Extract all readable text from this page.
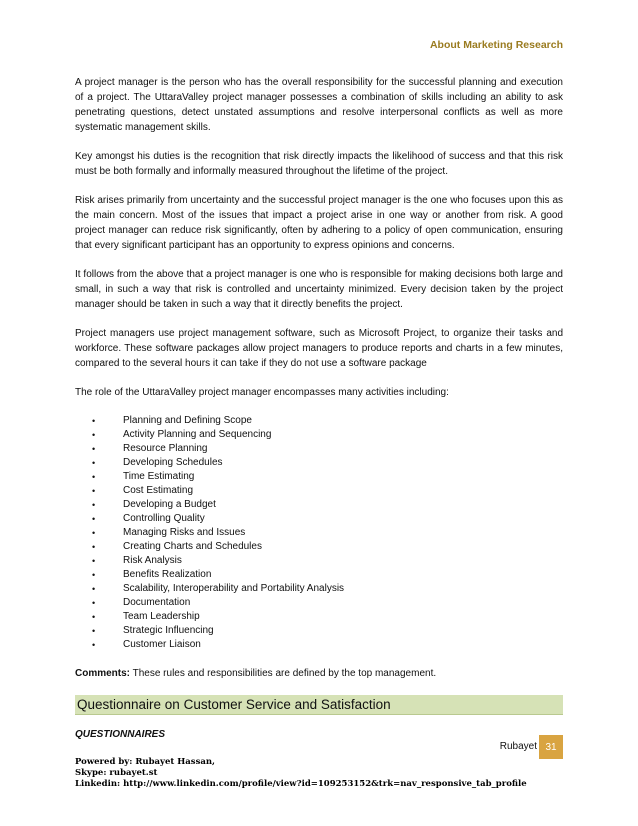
About Marketing Research

A project manager is the person who has the overall responsibility for the successful planning and execution of a project. The UttaraValley project manager possesses a combination of skills including an ability to ask penetrating questions, detect unstated assumptions and resolve interpersonal conflicts as well as more systematic management skills.

Key amongst his duties is the recognition that risk directly impacts the likelihood of success and that this risk must be both formally and informally measured throughout the lifetime of the project.

Risk arises primarily from uncertainty and the successful project manager is the one who focuses upon this as the main concern. Most of the issues that impact a project arise in one way or another from risk. A good project manager can reduce risk significantly, often by adhering to a policy of open communication, ensuring that every significant participant has an opportunity to express opinions and concerns.

It follows from the above that a project manager is one who is responsible for making decisions both large and small, in such a way that risk is controlled and uncertainty minimized. Every decision taken by the project manager should be taken in such a way that it directly benefits the project.

Project managers use project management software, such as Microsoft Project, to organize their tasks and workforce. These software packages allow project managers to produce reports and charts in a few minutes, compared to the several hours it can take if they do not use a software package

The role of the UttaraValley project manager encompasses many activities including:

•	Planning and Defining Scope
•	Activity Planning and Sequencing
•	Resource Planning
•	Developing Schedules
•	Time Estimating
•	Cost Estimating
•	Developing a Budget
•	Controlling Quality
•	Managing Risks and Issues
•	Creating Charts and Schedules
•	Risk Analysis
•	Benefits Realization
•	Scalability, Interoperability and Portability Analysis
•	Documentation
•	Team Leadership
•	Strategic Influencing
•	Customer Liaison

Comments: These rules and responsibilities are defined by the top management.

Questionnaire on Customer Service and Satisfaction
QUESTIONNAIRES
Rubayet 31
Powered by: Rubayet Hassan,
Skype: rubayet.st
Linkedin: http://www.linkedin.com/profile/view?id=109253152&trk=nav_responsive_tab_profile
